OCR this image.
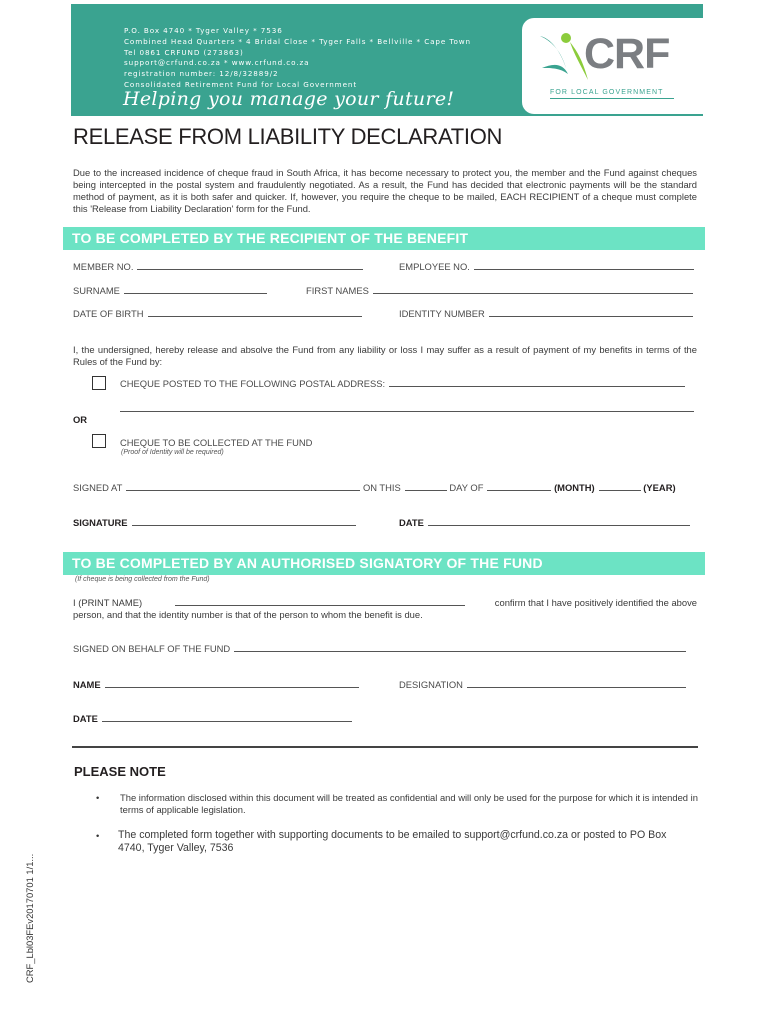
P.O. Box 4740 * Tyger Valley * 7536
Combined Head Quarters * 4 Bridal Close * Tyger Falls * Bellville * Cape Town
Tel 0861 CRFUND (273863)
support@crfund.co.za * www.crfund.co.za
registration number: 12/8/32889/2
Consolidated Retirement Fund for Local Government
Helping you manage your future!
CRF
FOR LOCAL GOVERNMENT
RELEASE FROM LIABILITY DECLARATION
Due to the increased incidence of cheque fraud in South Africa, it has become necessary to protect you, the member and the Fund against cheques being intercepted in the postal system and fraudulently negotiated. As a result, the Fund has decided that electronic payments will be the standard method of payment, as it is both safer and quicker. If, however, you require the cheque to be mailed, EACH RECIPIENT of a cheque must complete this 'Release from Liability Declaration' form for the Fund.
TO BE COMPLETED BY THE RECIPIENT OF THE BENEFIT
MEMBER NO.	EMPLOYEE NO.
SURNAME	FIRST NAMES
DATE OF BIRTH	IDENTITY NUMBER
I, the undersigned, hereby release and absolve the Fund from any liability or loss I may suffer as a result of payment of my benefits in terms of the Rules of the Fund by:
CHEQUE POSTED TO THE FOLLOWING POSTAL ADDRESS:
OR
CHEQUE TO BE COLLECTED AT THE FUND
(Proof of Identity will be required)
SIGNED AT	ON THIS	DAY OF	(MONTH)	(YEAR)
SIGNATURE	DATE
TO BE COMPLETED BY AN AUTHORISED SIGNATORY OF THE FUND
(If cheque is being collected from the Fund)
I (PRINT NAME)	confirm that I have positively identified the above
person, and that the identity number is that of the person to whom the benefit is due.
SIGNED ON BEHALF OF THE FUND
NAME	DESIGNATION
DATE
PLEASE NOTE
• The information disclosed within this document will be treated as confidential and will only be used for the purpose for which it is intended in terms of applicable legislation.
• The completed form together with supporting documents to be emailed to support@crfund.co.za or posted to PO Box 4740, Tyger Valley, 7536
CRF_Lbl03FEv20170701 1/1...
